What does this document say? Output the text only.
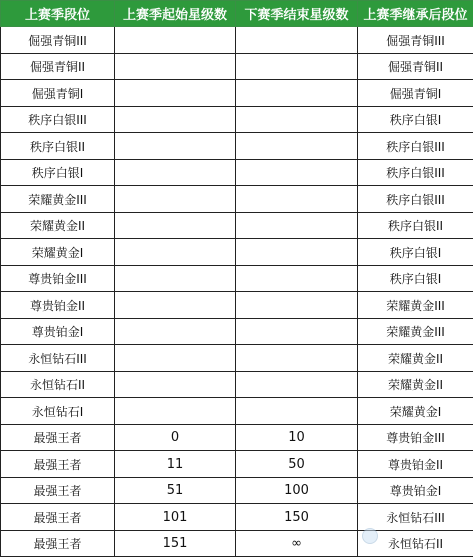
上赛季段位	上赛季起始星级数	下赛季结束星级数	上赛季继承后段位
倔强青铜III			倔强青铜III
倔强青铜II			倔强青铜II
倔强青铜I			倔强青铜I
秩序白银III			秩序白银I
秩序白银II			秩序白银III
秩序白银I			秩序白银III
荣耀黄金III			秩序白银III
荣耀黄金II			秩序白银II
荣耀黄金I			秩序白银I
尊贵铂金III			秩序白银I
尊贵铂金II			荣耀黄金III
尊贵铂金I			荣耀黄金III
永恒钻石III			荣耀黄金II
永恒钻石II			荣耀黄金II
永恒钻石I			荣耀黄金I
最强王者	0	10	尊贵铂金III
最强王者	11	50	尊贵铂金II
最强王者	51	100	尊贵铂金I
最强王者	101	150	永恒钻石III
最强王者	151	∞	永恒钻石II
